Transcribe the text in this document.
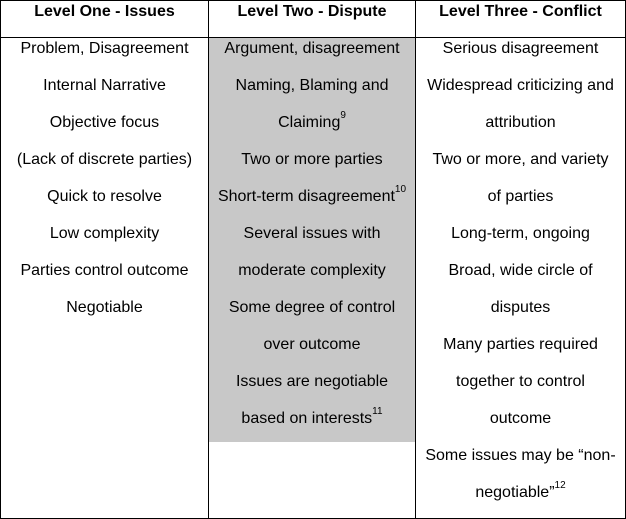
Level One - Issues	Level Two - Dispute	Level Three - Conflict
Problem, Disagreement
Internal Narrative
Objective focus
(Lack of discrete parties)
Quick to resolve
Low complexity
Parties control outcome
Negotiable
Argument, disagreement
Naming, Blaming and
Claiming$^9$
Two or more parties
Short-term disagreement$^{10}$
Several issues with
moderate complexity
Some degree of control
over outcome
Issues are negotiable
based on interests$^{11}$
Serious disagreement
Widespread criticizing and
attribution
Two or more, and variety
of parties
Long-term, ongoing
Broad, wide circle of
disputes
Many parties required
together to control
outcome
Some issues may be “non-
negotiable”$^{12}$
